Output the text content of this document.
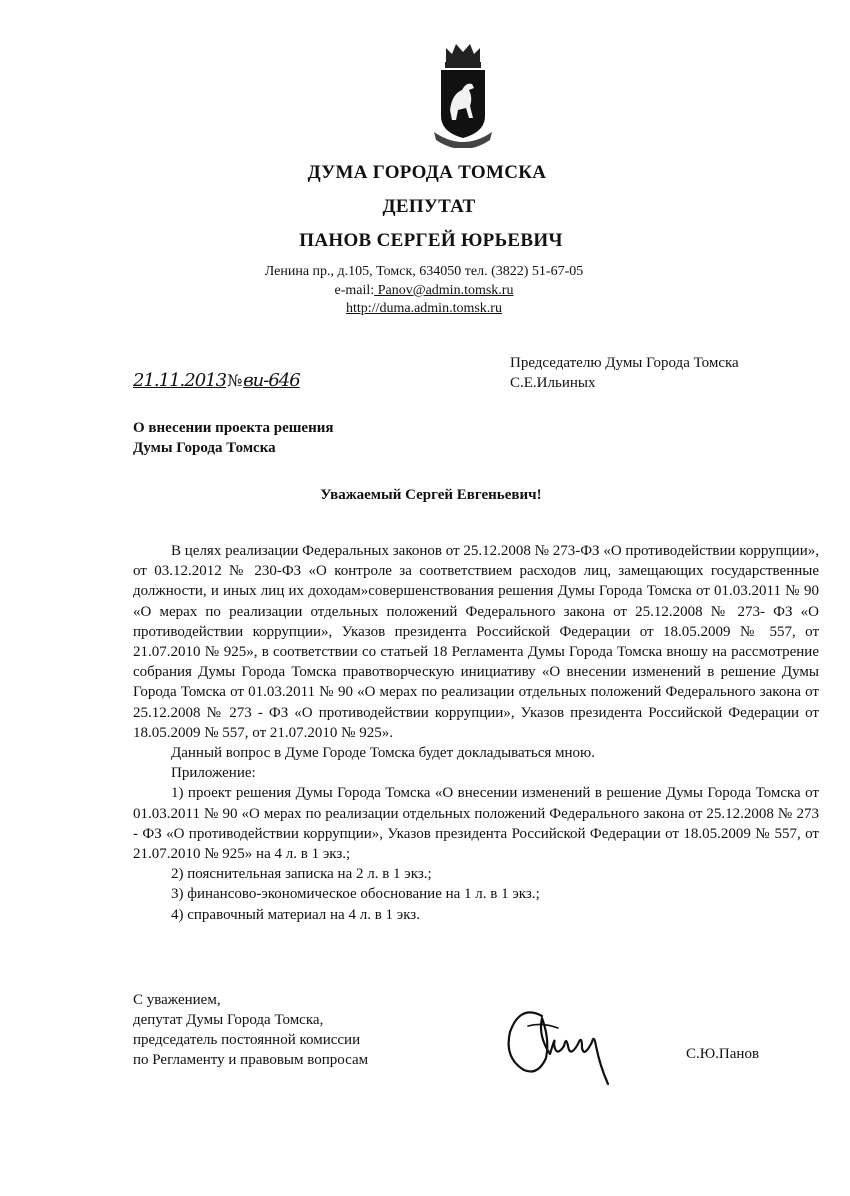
ДУМА ГОРОДА ТОМСКА
ДЕПУТАТ
ПАНОВ СЕРГЕЙ ЮРЬЕВИЧ
Ленина пр., д.105, Томск, 634050 тел. (3822) 51-67-05
e-mail: Panov@admin.tomsk.ru
http://duma.admin.tomsk.ru
Председателю Думы Города Томска
С.Е.Ильиных
21.11.2013№ви-646
О внесении проекта решения
Думы Города Томска
Уважаемый Сергей Евгеньевич!

В целях реализации Федеральных законов от 25.12.2008 № 273-ФЗ «О противодействии коррупции», от 03.12.2012 № 230-ФЗ «О контроле за соответствием расходов лиц, замещающих государственные должности, и иных лиц их доходам»совершенствования решения Думы Города Томска от 01.03.2011 № 90 «О мерах по реализации отдельных положений Федерального закона от 25.12.2008 № 273- ФЗ «О противодействии коррупции», Указов президента Российской Федерации от 18.05.2009 № 557, от 21.07.2010 № 925», в соответствии со статьей 18 Регламента Думы Города Томска вношу на рассмотрение собрания Думы Города Томска правотворческую инициативу «О внесении изменений в решение Думы Города Томска от 01.03.2011 № 90 «О мерах по реализации отдельных положений Федерального закона от 25.12.2008 № 273 - ФЗ «О противодействии коррупции», Указов президента Российской Федерации от 18.05.2009 № 557, от 21.07.2010 № 925».

Данный вопрос в Думе Городе Томска будет докладываться мною.

Приложение:

1) проект решения Думы Города Томска «О внесении изменений в решение Думы Города Томска от 01.03.2011 № 90 «О мерах по реализации отдельных положений Федерального закона от 25.12.2008 № 273 - ФЗ «О противодействии коррупции», Указов президента Российской Федерации от 18.05.2009 № 557, от 21.07.2010 № 925» на 4 л. в 1 экз.;
2) пояснительная записка на 2 л. в 1 экз.;
3) финансово-экономическое обоснование на 1 л. в 1 экз.;
4) справочный материал на 4 л. в 1 экз.
С уважением,
депутат Думы Города Томска,
председатель постоянной комиссии
по Регламенту и правовым вопросам	С.Ю.Панов
